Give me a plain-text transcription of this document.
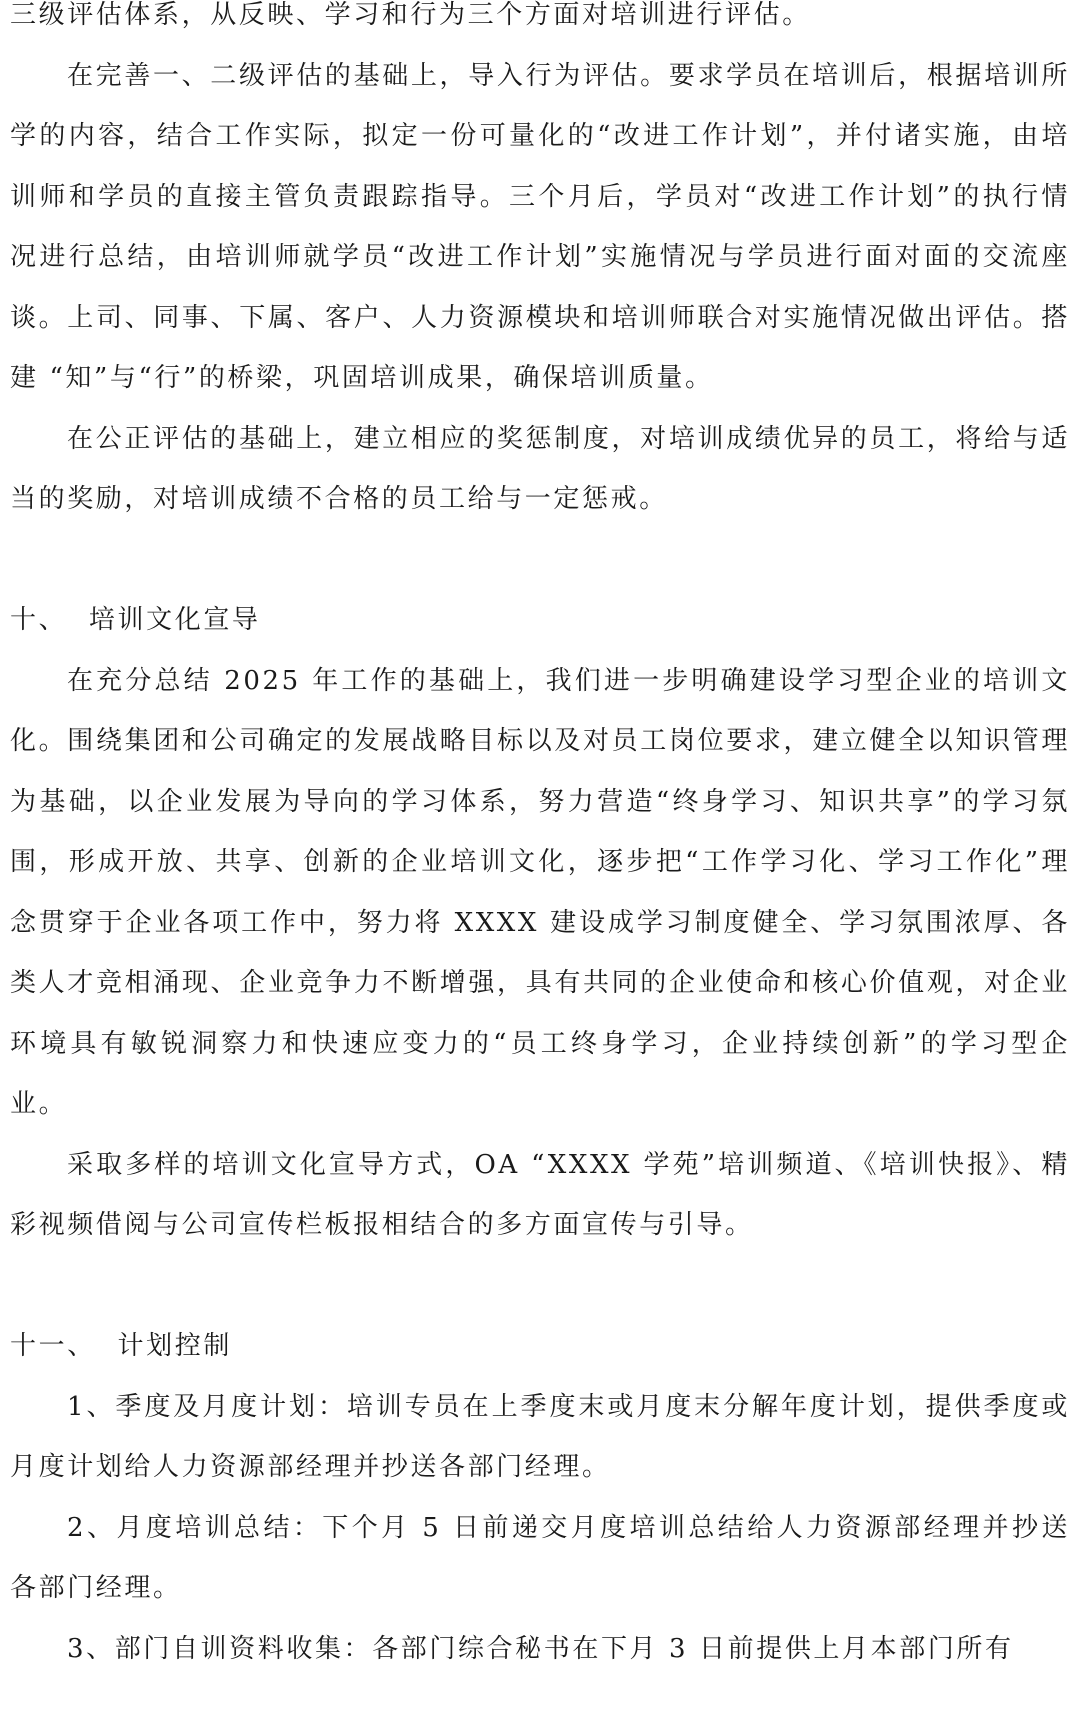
三级评估体系，从反映、学习和行为三个方面对培训进行评估。

在完善一、二级评估的基础上，导入行为评估。要求学员在培训后，根据培训所学的内容，结合工作实际，拟定一份可量化的“改进工作计划”，并付诸实施，由培训师和学员的直接主管负责跟踪指导。三个月后，学员对“改进工作计划”的执行情况进行总结，由培训师就学员“改进工作计划”实施情况与学员进行面对面的交流座谈。上司、同事、下属、客户、人力资源模块和培训师联合对实施情况做出评估。搭建 “知”与“行”的桥梁，巩固培训成果，确保培训质量。

在公正评估的基础上，建立相应的奖惩制度，对培训成绩优异的员工，将给与适当的奖励，对培训成绩不合格的员工给与一定惩戒。

十、  培训文化宣导

在充分总结 2025 年工作的基础上，我们进一步明确建设学习型企业的培训文化。围绕集团和公司确定的发展战略目标以及对员工岗位要求，建立健全以知识管理为基础，以企业发展为导向的学习体系，努力营造“终身学习、知识共享”的学习氛围，形成开放、共享、创新的企业培训文化，逐步把“工作学习化、学习工作化”理念贯穿于企业各项工作中，努力将 XXXX 建设成学习制度健全、学习氛围浓厚、各类人才竞相涌现、企业竞争力不断增强，具有共同的企业使命和核心价值观，对企业环境具有敏锐洞察力和快速应变力的“员工终身学习，企业持续创新”的学习型企业。

采取多样的培训文化宣导方式，OA “XXXX 学苑”培训频道、《培训快报》、精彩视频借阅与公司宣传栏板报相结合的多方面宣传与引导。

十一、  计划控制

1、季度及月度计划：培训专员在上季度末或月度末分解年度计划，提供季度或月度计划给人力资源部经理并抄送各部门经理。

2、月度培训总结：下个月 5 日前递交月度培训总结给人力资源部经理并抄送各部门经理。

3、部门自训资料收集：各部门综合秘书在下月 3 日前提供上月本部门所有
